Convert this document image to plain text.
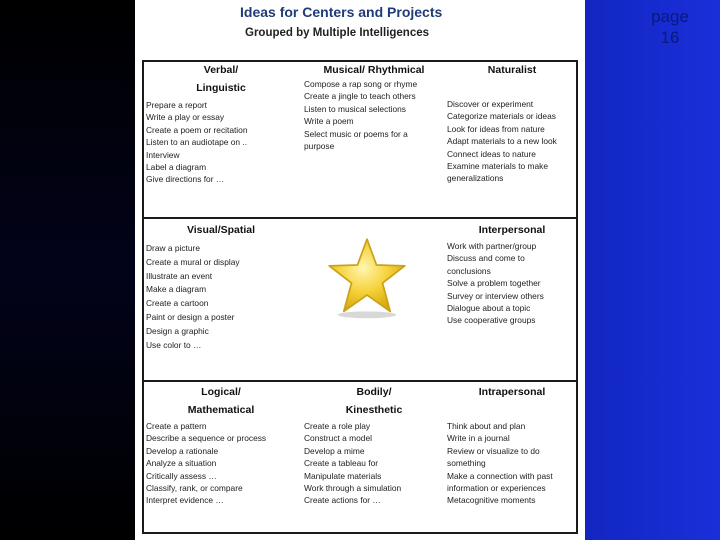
page
16
Ideas for Centers and Projects
Grouped by Multiple Intelligences
Verbal/
Linguistic
Prepare a report
Write a play or essay
Create a poem or recitation
Listen to an audiotape on ..
Interview
Label a diagram
Give directions for …
Musical/ Rhythmical
Compose a rap song or rhyme
Create a jingle to teach others
Listen to musical selections
Write a poem
Select music or poems for a
purpose
Naturalist
Discover or experiment
Categorize materials or ideas
Look for ideas from nature
Adapt materials to a new look
Connect ideas to nature
Examine materials to make
generalizations
Visual/Spatial
Draw a picture
Create a mural or display
Illustrate an event
Make a diagram
Create a cartoon
Paint or design a poster
Design a graphic
Use color to …
Interpersonal
Work with partner/group
Discuss and come to
conclusions
Solve a problem together
Survey or interview others
Dialogue about a topic
Use cooperative groups
Logical/
Mathematical
Create a pattern
Describe a sequence or process
Develop a rationale
Analyze a situation
Critically assess …
Classify, rank, or compare
Interpret evidence …
Bodily/
Kinesthetic
Create a role play
Construct a model
Develop a mime
Create a tableau for
Manipulate materials
Work through a simulation
Create actions for …
Intrapersonal
Think about and plan
Write in a journal
Review or visualize to do
something
Make a connection with past
information or experiences
Metacognitive moments
